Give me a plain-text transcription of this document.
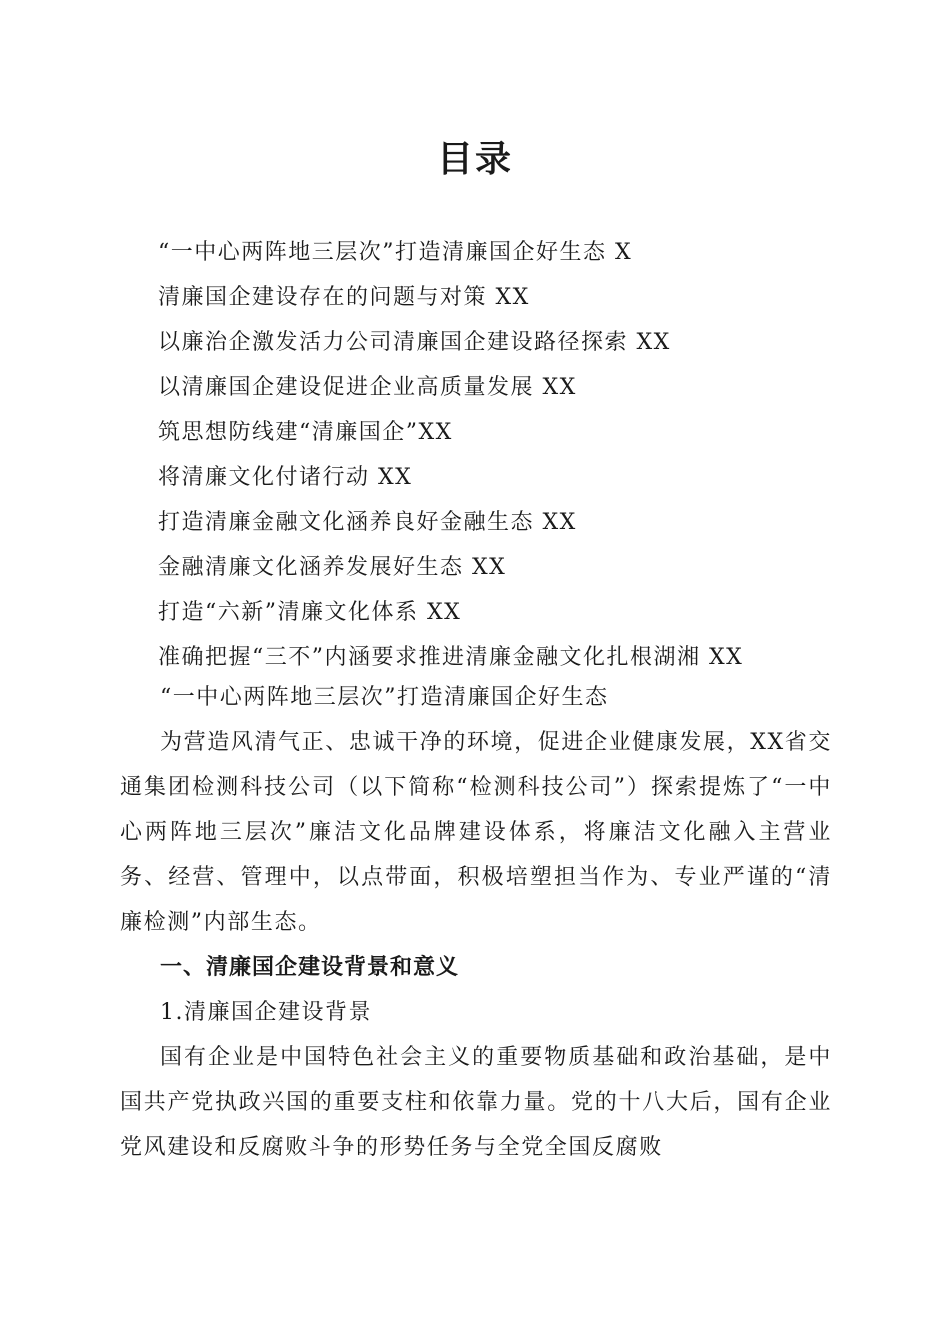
目录
“一中心两阵地三层次”打造清廉国企好生态 X
清廉国企建设存在的问题与对策 XX
以廉治企激发活力公司清廉国企建设路径探索 XX
以清廉国企建设促进企业高质量发展 XX
筑思想防线建“清廉国企”XX
将清廉文化付诸行动 XX
打造清廉金融文化涵养良好金融生态 XX
金融清廉文化涵养发展好生态 XX
打造“六新”清廉文化体系 XX
准确把握“三不”内涵要求推进清廉金融文化扎根湖湘 XX
“一中心两阵地三层次”打造清廉国企好生态

为营造风清气正、忠诚干净的环境，促进企业健康发展，XX省交通集团检测科技公司（以下简称“检测科技公司”）探索提炼了“一中心两阵地三层次”廉洁文化品牌建设体系，将廉洁文化融入主营业务、经营、管理中，以点带面，积极培塑担当作为、专业严谨的“清廉检测”内部生态。

一、清廉国企建设背景和意义
1.清廉国企建设背景

国有企业是中国特色社会主义的重要物质基础和政治基础，是中国共产党执政兴国的重要支柱和依靠力量。党的十八大后，国有企业党风建设和反腐败斗争的形势任务与全党全国反腐败
